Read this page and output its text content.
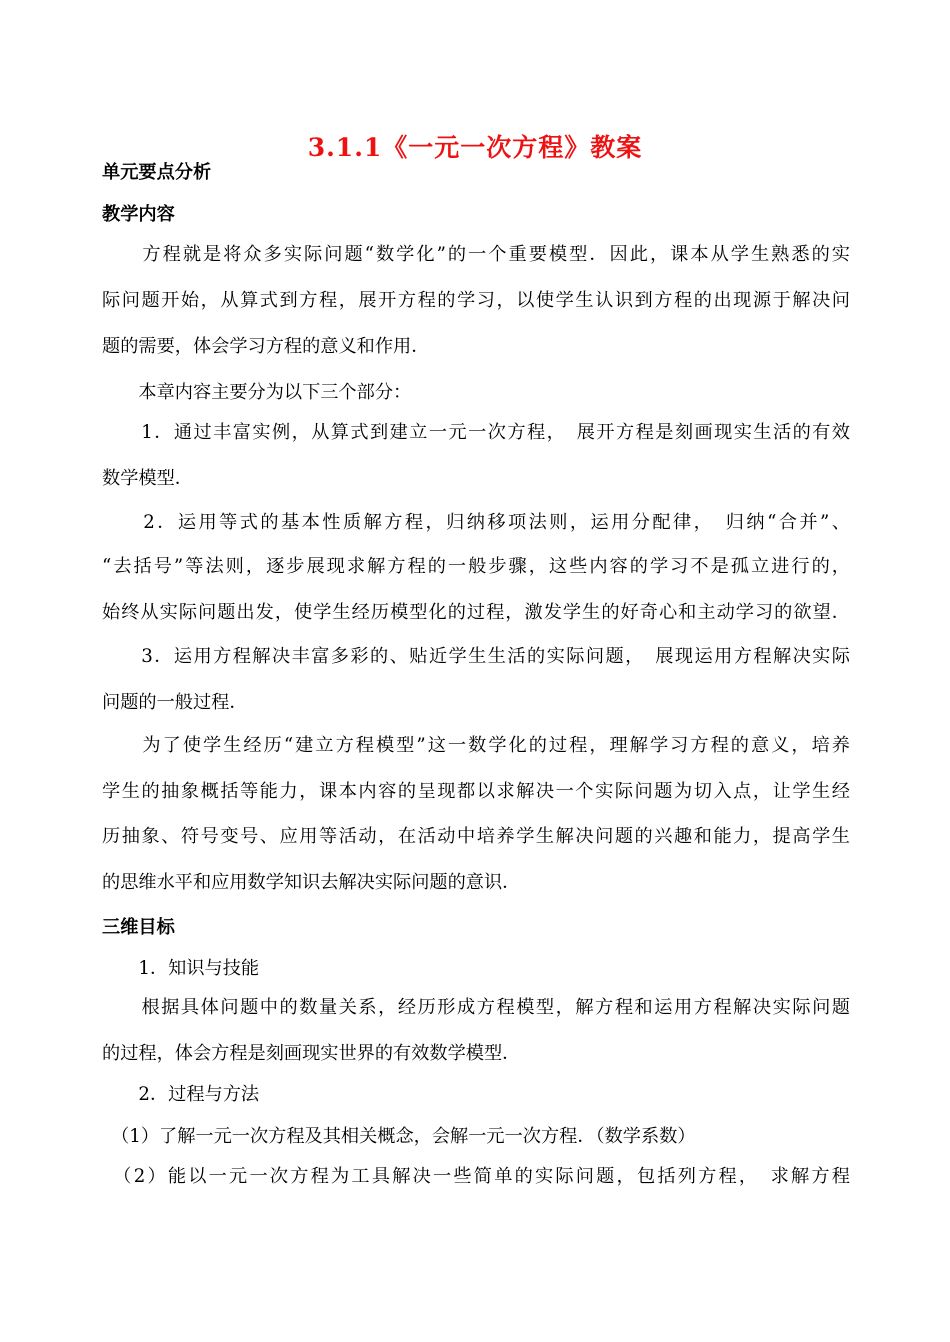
3.1.1《一元一次方程》教案
单元要点分析
教学内容
　　方程就是将众多实际问题“数学化”的一个重要模型．因此，课本从学生熟悉的实
际问题开始，从算式到方程，展开方程的学习，以使学生认识到方程的出现源于解决问
题的需要，体会学习方程的意义和作用．
　　本章内容主要分为以下三个部分：
　　1．通过丰富实例，从算式到建立一元一次方程，　展开方程是刻画现实生活的有效
数学模型．
　　2．运用等式的基本性质解方程，归纳移项法则，运用分配律，　归纳“合并”、
“去括号”等法则，逐步展现求解方程的一般步骤，这些内容的学习不是孤立进行的，
始终从实际问题出发，使学生经历模型化的过程，激发学生的好奇心和主动学习的欲望．
　　3．运用方程解决丰富多彩的、贴近学生生活的实际问题，　展现运用方程解决实际
问题的一般过程．
　　为了使学生经历“建立方程模型”这一数学化的过程，理解学习方程的意义，培养
学生的抽象概括等能力，课本内容的呈现都以求解决一个实际问题为切入点，让学生经
历抽象、符号变号、应用等活动，在活动中培养学生解决问题的兴趣和能力，提高学生
的思维水平和应用数学知识去解决实际问题的意识．
三维目标
　　1．知识与技能
　　根据具体问题中的数量关系，经历形成方程模型，解方程和运用方程解决实际问题
的过程，体会方程是刻画现实世界的有效数学模型．
　　2．过程与方法
　（1）了解一元一次方程及其相关概念，会解一元一次方程．（数学系数）
　（2）能以一元一次方程为工具解决一些简单的实际问题，包括列方程，　求解方程
